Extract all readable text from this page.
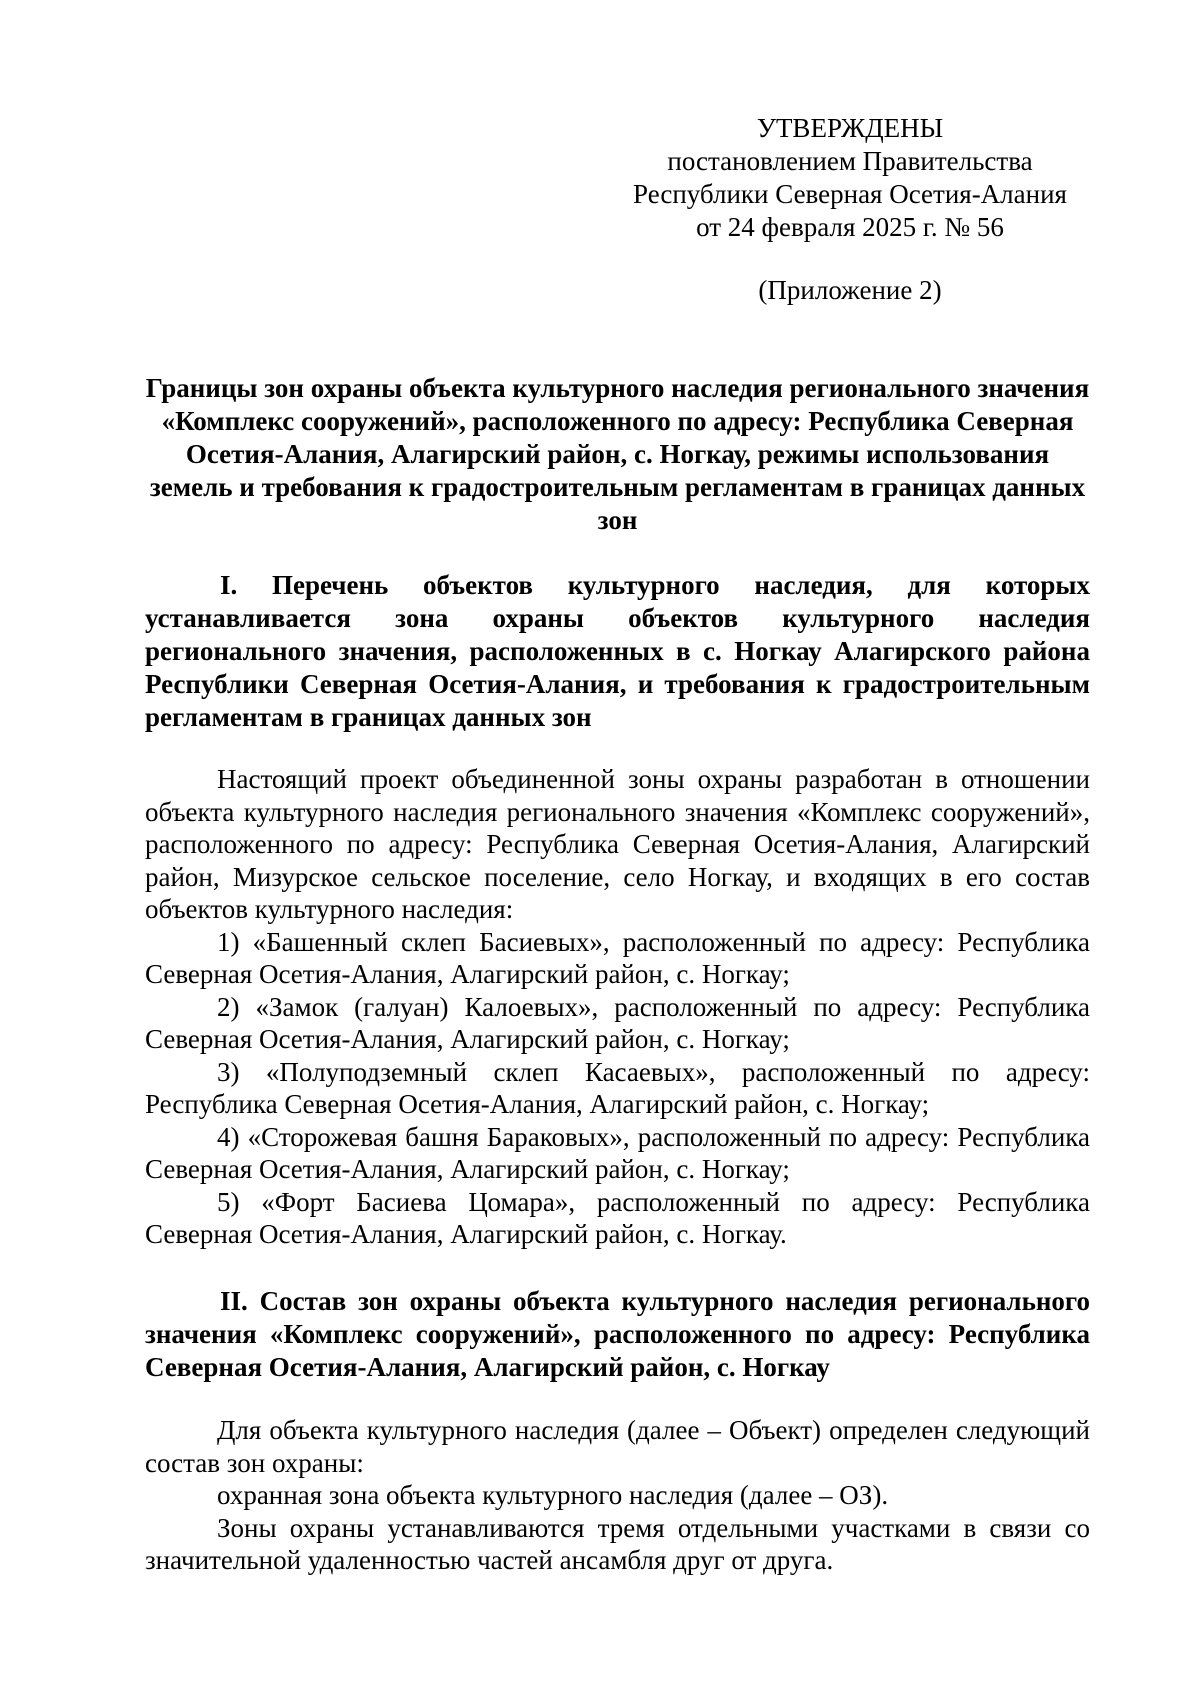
УТВЕРЖДЕНЫ
постановлением Правительства
Республики Северная Осетия-Алания
от 24 февраля 2025 г. № 56
(Приложение 2)
Границы зон охраны объекта культурного наследия регионального значения «Комплекс сооружений», расположенного по адресу: Республика Северная Осетия-Алания, Алагирский район, с. Ногкау, режимы использования земель и требования к градостроительным регламентам в границах данных зон
I. Перечень объектов культурного наследия, для которых устанавливается зона охраны объектов культурного наследия регионального значения, расположенных в с. Ногкау Алагирского района Республики Северная Осетия-Алания, и требования к градостроительным регламентам в границах данных зон

Настоящий проект объединенной зоны охраны разработан в отношении объекта культурного наследия регионального значения «Комплекс сооружений», расположенного по адресу: Республика Северная Осетия-Алания, Алагирский район, Мизурское сельское поселение, село Ногкау, и входящих в его состав объектов культурного наследия:

1) «Башенный склеп Басиевых», расположенный по адресу: Республика Северная Осетия-Алания, Алагирский район, с. Ногкау;

2) «Замок (галуан) Калоевых», расположенный по адресу: Республика Северная Осетия-Алания, Алагирский район, с. Ногкау;

3) «Полуподземный склеп Касаевых», расположенный по адресу: Республика Северная Осетия-Алания, Алагирский район, с. Ногкау;

4) «Сторожевая башня Бараковых», расположенный по адресу: Республика Северная Осетия-Алания, Алагирский район, с. Ногкау;

5) «Форт Басиева Цомара», расположенный по адресу: Республика Северная Осетия-Алания, Алагирский район, с. Ногкау.

II. Состав зон охраны объекта культурного наследия регионального значения «Комплекс сооружений», расположенного по адресу: Республика Северная Осетия-Алания, Алагирский район, с. Ногкау

Для объекта культурного наследия (далее – Объект) определен следующий состав зон охраны:

охранная зона объекта культурного наследия (далее – ОЗ).

Зоны охраны устанавливаются тремя отдельными участками в связи со значительной удаленностью частей ансамбля друг от друга.
